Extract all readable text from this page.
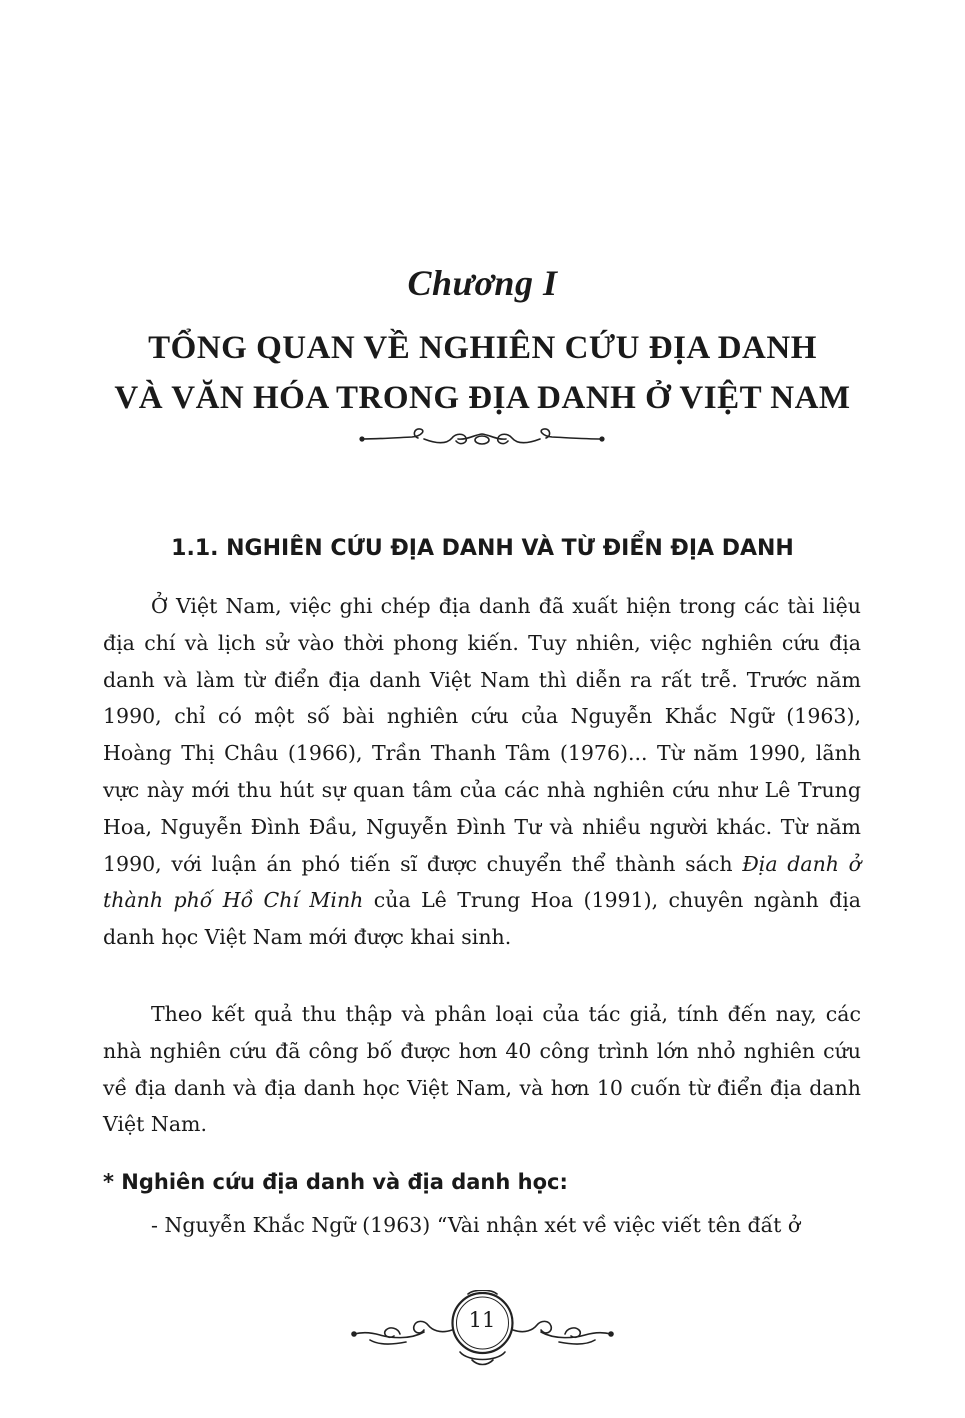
Chương I
TỔNG QUAN VỀ NGHIÊN CỨU ĐỊA DANH
VÀ VĂN HÓA TRONG ĐỊA DANH Ở VIỆT NAM
1.1. NGHIÊN CỨU ĐỊA DANH VÀ TỪ ĐIỂN ĐỊA DANH

Ở Việt Nam, việc ghi chép địa danh đã xuất hiện trong các tài liệu địa chí và lịch sử vào thời phong kiến. Tuy nhiên, việc nghiên cứu địa danh và làm từ điển địa danh Việt Nam thì diễn ra rất trễ. Trước năm 1990, chỉ có một số bài nghiên cứu của Nguyễn Khắc Ngữ (1963), Hoàng Thị Châu (1966), Trần Thanh Tâm (1976)... Từ năm 1990, lãnh vực này mới thu hút sự quan tâm của các nhà nghiên cứu như Lê Trung Hoa, Nguyễn Đình Đầu, Nguyễn Đình Tư và nhiều người khác. Từ năm 1990, với luận án phó tiến sĩ được chuyển thể thành sách Địa danh ở thành phố Hồ Chí Minh của Lê Trung Hoa (1991), chuyên ngành địa danh học Việt Nam mới được khai sinh.

Theo kết quả thu thập và phân loại của tác giả, tính đến nay, các nhà nghiên cứu đã công bố được hơn 40 công trình lớn nhỏ nghiên cứu về địa danh và địa danh học Việt Nam, và hơn 10 cuốn từ điển địa danh Việt Nam.

* Nghiên cứu địa danh và địa danh học:
- Nguyễn Khắc Ngữ (1963) “Vài nhận xét về việc viết tên đất ở
11
